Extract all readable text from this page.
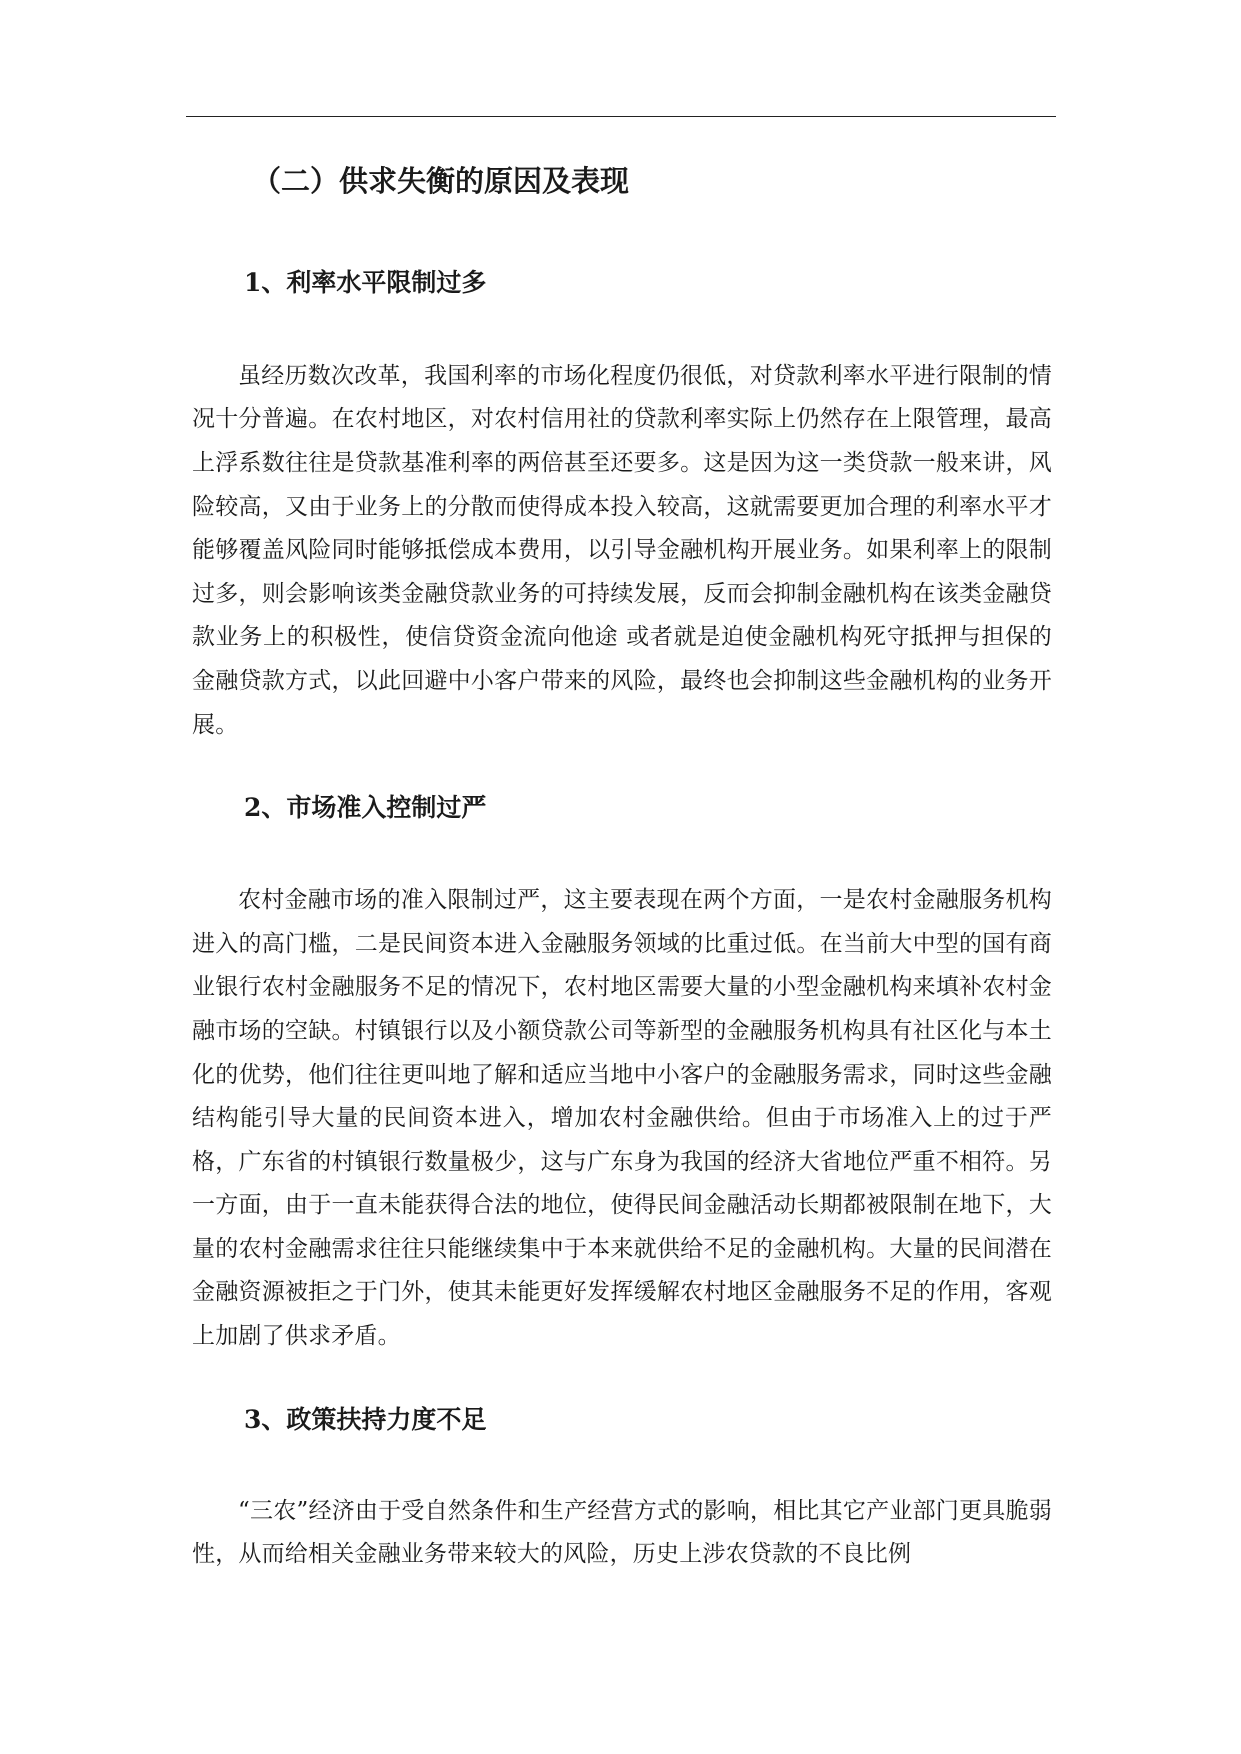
（二）供求失衡的原因及表现
1、利率水平限制过多

虽经历数次改革，我国利率的市场化程度仍很低，对贷款利率水平进行限制的情况十分普遍。在农村地区，对农村信用社的贷款利率实际上仍然存在上限管理，最高上浮系数往往是贷款基准利率的两倍甚至还要多。这是因为这一类贷款一般来讲，风险较高，又由于业务上的分散而使得成本投入较高，这就需要更加合理的利率水平才能够覆盖风险同时能够抵偿成本费用，以引导金融机构开展业务。如果利率上的限制过多，则会影响该类金融贷款业务的可持续发展，反而会抑制金融机构在该类金融贷款业务上的积极性，使信贷资金流向他途 或者就是迫使金融机构死守抵押与担保的金融贷款方式，以此回避中小客户带来的风险，最终也会抑制这些金融机构的业务开展。

2、市场准入控制过严

农村金融市场的准入限制过严，这主要表现在两个方面，一是农村金融服务机构进入的高门槛，二是民间资本进入金融服务领域的比重过低。在当前大中型的国有商业银行农村金融服务不足的情况下，农村地区需要大量的小型金融机构来填补农村金融市场的空缺。村镇银行以及小额贷款公司等新型的金融服务机构具有社区化与本土化的优势，他们往往更叫地了解和适应当地中小客户的金融服务需求，同时这些金融结构能引导大量的民间资本进入，增加农村金融供给。但由于市场准入上的过于严格，广东省的村镇银行数量极少，这与广东身为我国的经济大省地位严重不相符。另一方面，由于一直未能获得合法的地位，使得民间金融活动长期都被限制在地下，大量的农村金融需求往往只能继续集中于本来就供给不足的金融机构。大量的民间潜在金融资源被拒之于门外，使其未能更好发挥缓解农村地区金融服务不足的作用，客观上加剧了供求矛盾。

3、政策扶持力度不足

“三农”经济由于受自然条件和生产经营方式的影响，相比其它产业部门更具脆弱性，从而给相关金融业务带来较大的风险，历史上涉农贷款的不良比例
